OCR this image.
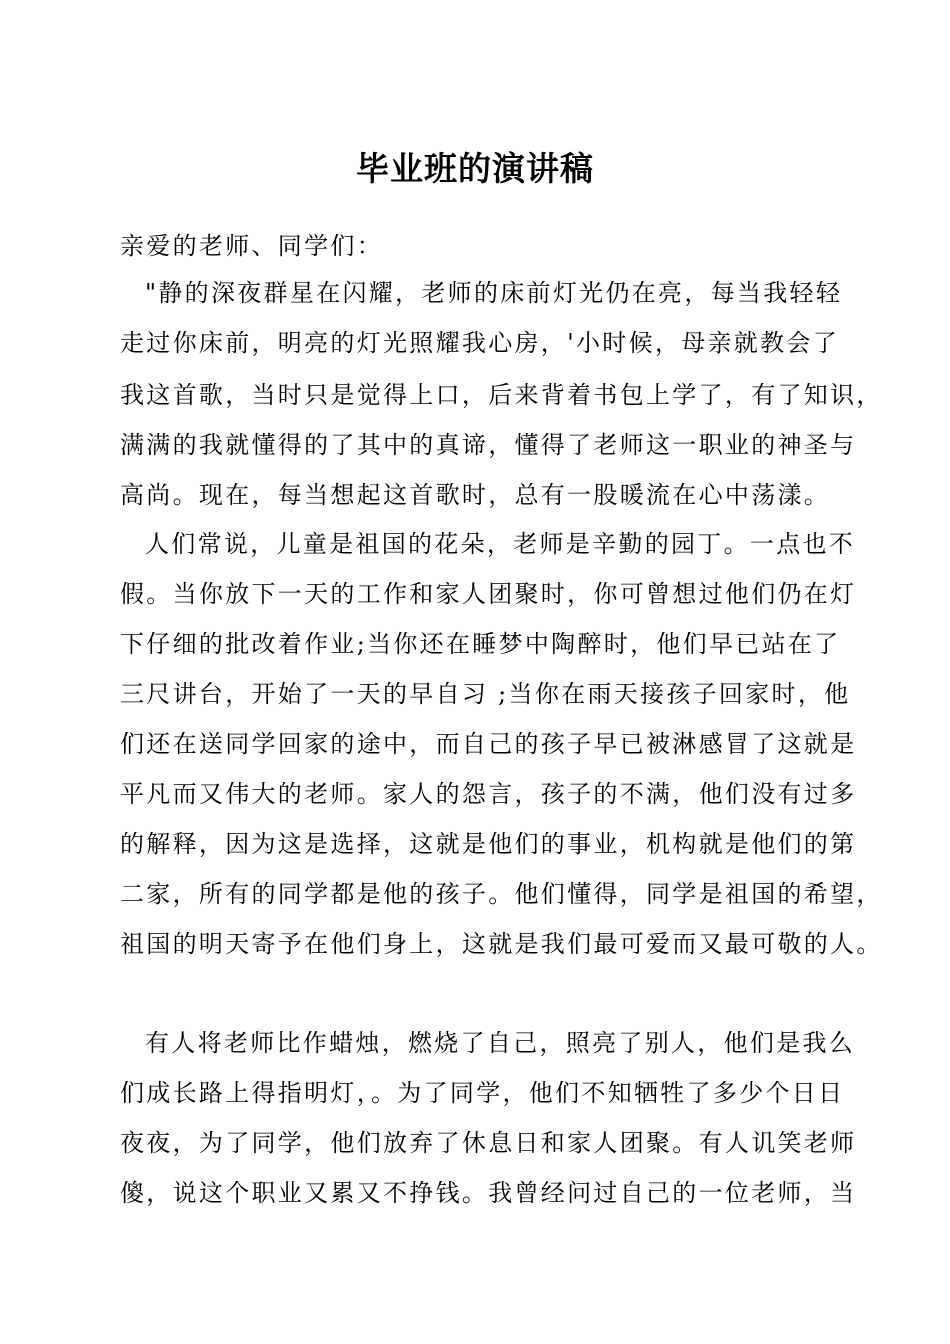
毕业班的演讲稿
亲爱的老师、同学们：
"静的深夜群星在闪耀，老师的床前灯光仍在亮，每当我轻轻
走过你床前，明亮的灯光照耀我心房，'小时候，母亲就教会了
我这首歌，当时只是觉得上口，后来背着书包上学了，有了知识，
满满的我就懂得的了其中的真谛，懂得了老师这一职业的神圣与
高尚。现在，每当想起这首歌时，总有一股暖流在心中荡漾。
人们常说，儿童是祖国的花朵，老师是辛勤的园丁。一点也不
假。当你放下一天的工作和家人团聚时，你可曾想过他们仍在灯
下仔细的批改着作业;当你还在睡梦中陶醉时，他们早已站在了
三尺讲台，开始了一天的早自习 ;当你在雨天接孩子回家时，他
们还在送同学回家的途中，而自己的孩子早已被淋感冒了这就是
平凡而又伟大的老师。家人的怨言，孩子的不满，他们没有过多
的解释，因为这是选择，这就是他们的事业，机构就是他们的第
二家，所有的同学都是他的孩子。他们懂得，同学是祖国的希望，
祖国的明天寄予在他们身上，这就是我们最可爱而又最可敬的人。
有人将老师比作蜡烛，燃烧了自己，照亮了别人，他们是我么
们成长路上得指明灯，。为了同学，他们不知牺牲了多少个日日
夜夜，为了同学，他们放弃了休息日和家人团聚。有人讥笑老师
傻，说这个职业又累又不挣钱。我曾经问过自己的一位老师，当
